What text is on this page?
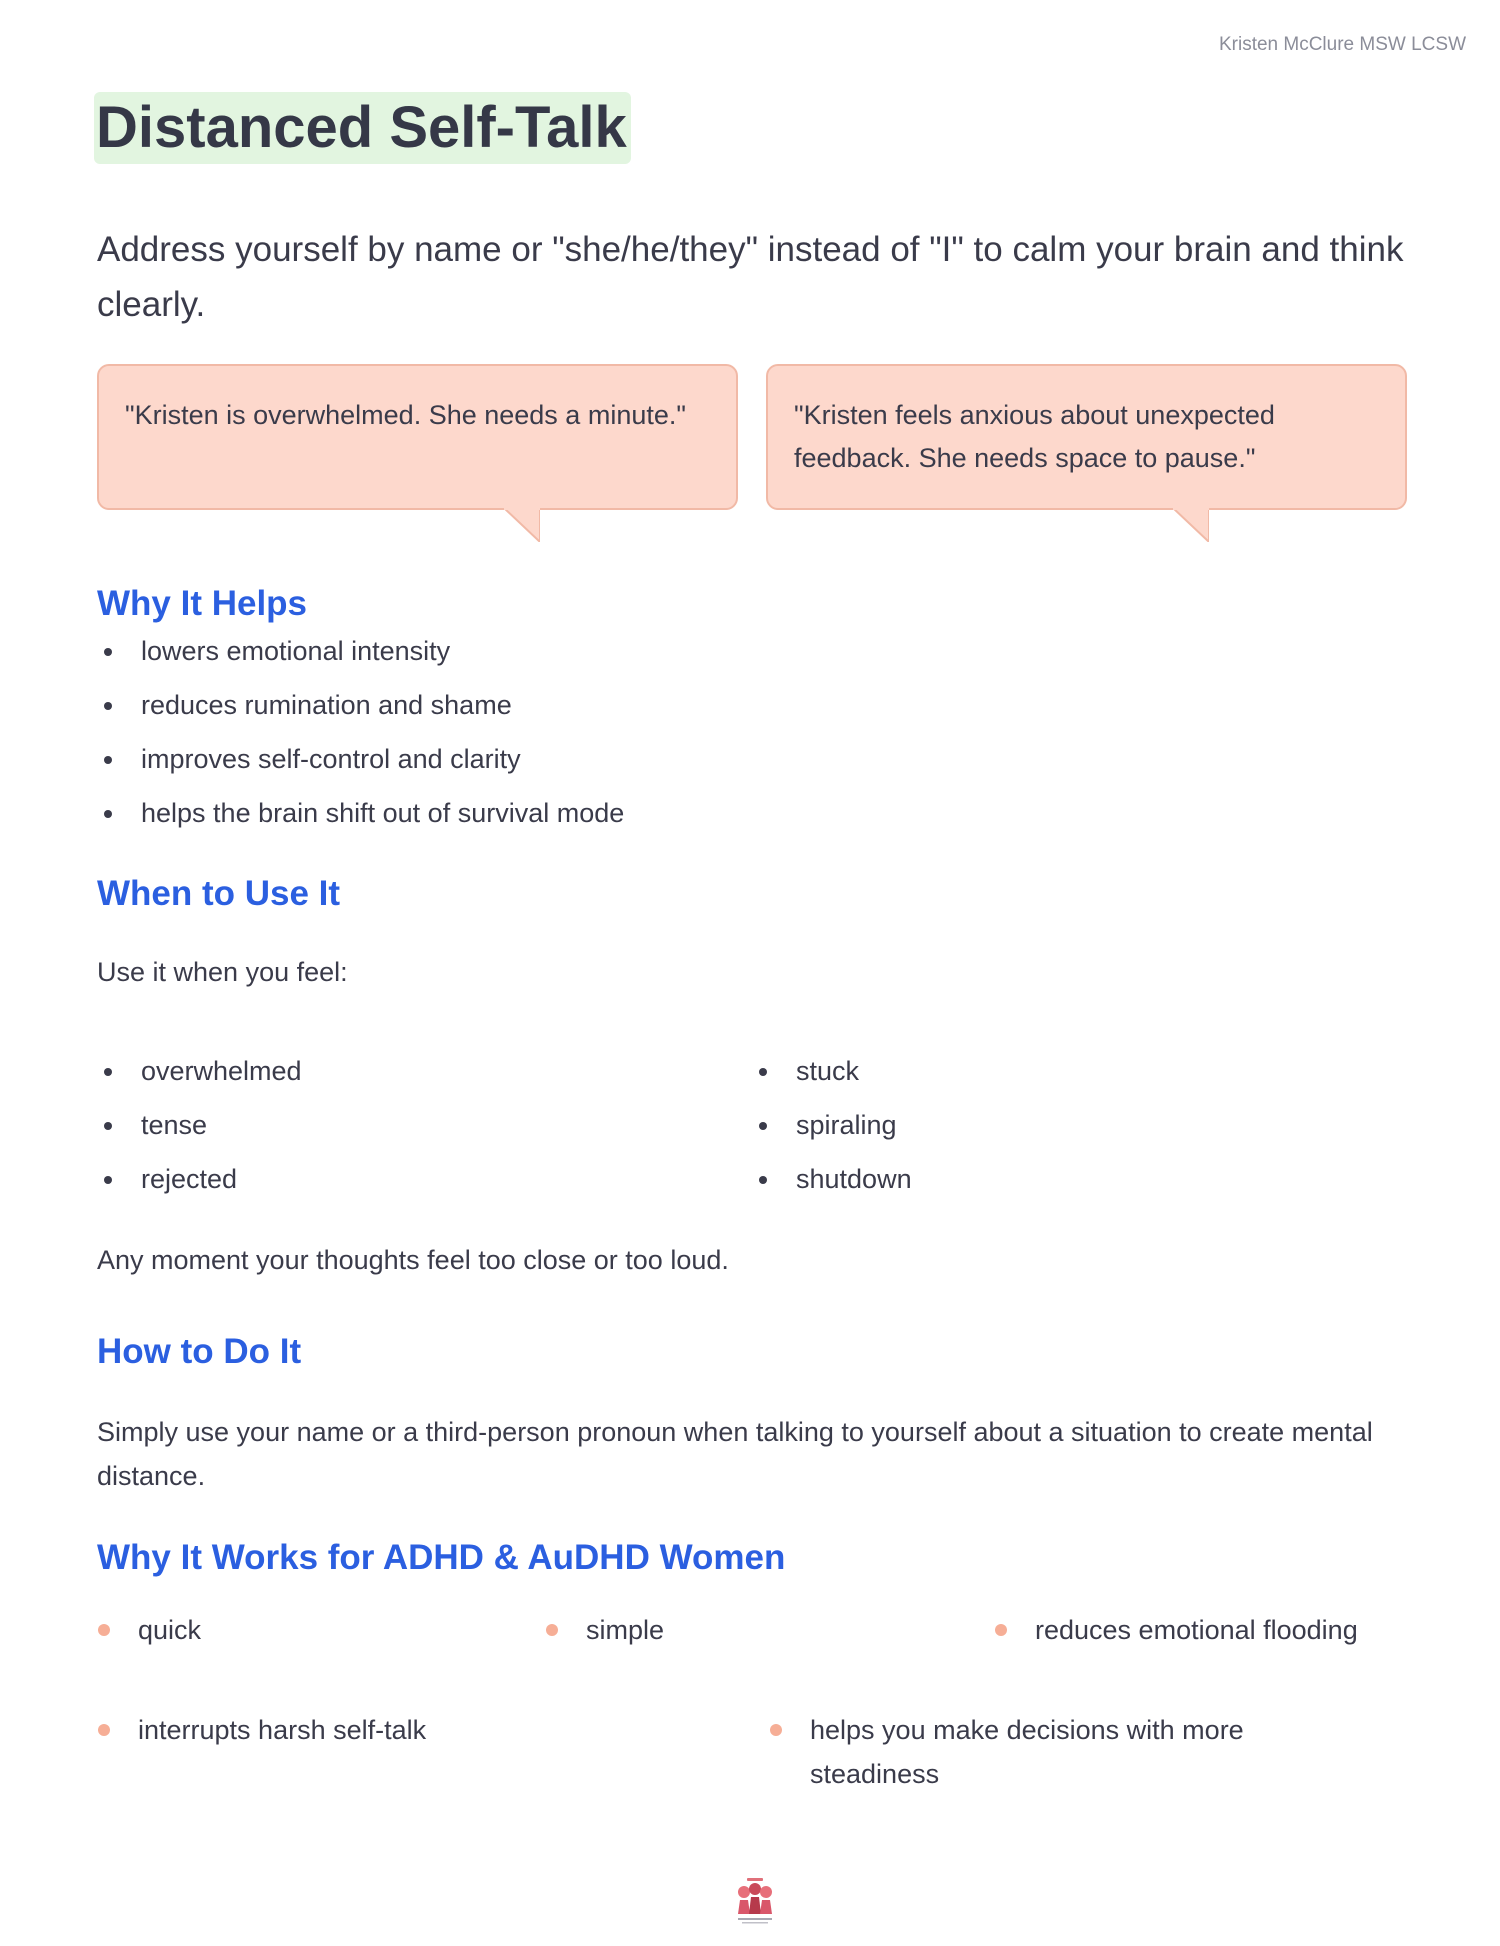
Kristen McClure MSW LCSW
Distanced Self-Talk

Address yourself by name or "she/he/they" instead of "I" to calm your brain and think clearly.

"Kristen is overwhelmed. She needs a minute."	"Kristen feels anxious about unexpected feedback. She needs space to pause."
Why It Helps
lowers emotional intensity
reduces rumination and shame
improves self-control and clarity
helps the brain shift out of survival mode
When to Use It

Use it when you feel:

overwhelmed
tense
rejected
stuck
spiraling
shutdown

Any moment your thoughts feel too close or too loud.

How to Do It

Simply use your name or a third-person pronoun when talking to yourself about a situation to create mental distance.

Why It Works for ADHD & AuDHD Women
quick	simple	reduces emotional flooding
interrupts harsh self-talk	helps you make decisions with more steadiness
